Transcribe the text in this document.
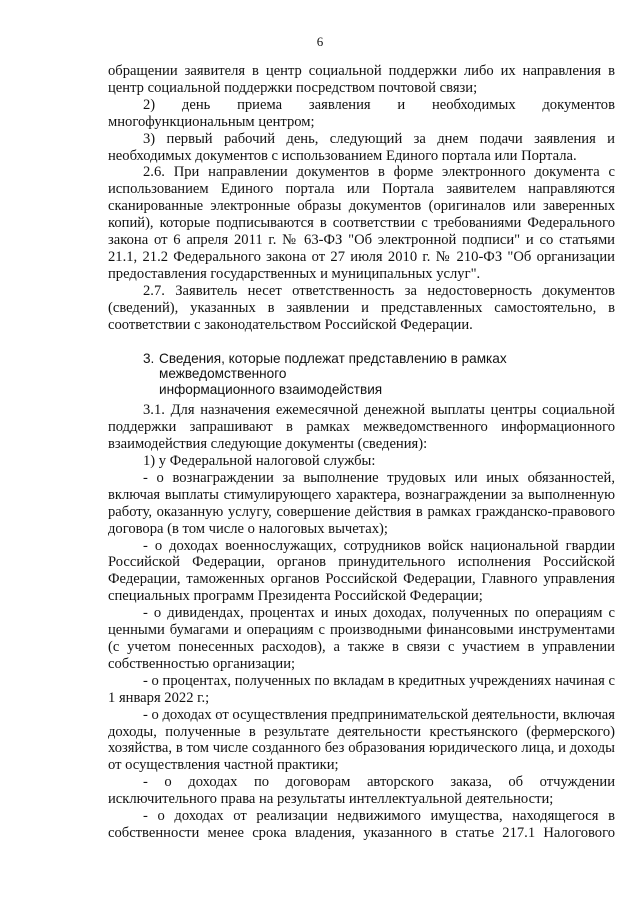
6

обращении заявителя в центр социальной поддержки либо их направления в центр социальной поддержки посредством почтовой связи;

2) день приема заявления и необходимых документов многофункциональным центром;

3) первый рабочий день, следующий за днем подачи заявления и необходимых документов с использованием Единого портала или Портала.

2.6. При направлении документов в форме электронного документа с использованием Единого портала или Портала заявителем направляются сканированные электронные образы документов (оригиналов или заверенных копий), которые подписываются в соответствии с требованиями Федерального закона от 6 апреля 2011 г. № 63-ФЗ "Об электронной подписи" и со статьями 21.1, 21.2 Федерального закона от 27 июля 2010 г. № 210-ФЗ "Об организации предоставления государственных и муниципальных услуг".

2.7. Заявитель несет ответственность за недостоверность документов (сведений), указанных в заявлении и представленных самостоятельно, в соответствии с законодательством Российской Федерации.

3. Сведения, которые подлежат представлению в рамках межведомственного
информационного взаимодействия

3.1. Для назначения ежемесячной денежной выплаты центры социальной поддержки запрашивают в рамках межведомственного информационного взаимодействия следующие документы (сведения):

1) у Федеральной налоговой службы:

- о вознаграждении за выполнение трудовых или иных обязанностей, включая выплаты стимулирующего характера, вознаграждении за выполненную работу, оказанную услугу, совершение действия в рамках гражданско-правового договора (в том числе о налоговых вычетах);

- о доходах военнослужащих, сотрудников войск национальной гвардии Российской Федерации, органов принудительного исполнения Российской Федерации, таможенных органов Российской Федерации, Главного управления специальных программ Президента Российской Федерации;

- о дивидендах, процентах и иных доходах, полученных по операциям с ценными бумагами и операциям с производными финансовыми инструментами (с учетом понесенных расходов), а также в связи с участием в управлении собственностью организации;

- о процентах, полученных по вкладам в кредитных учреждениях начиная с 1 января 2022 г.;

- о доходах от осуществления предпринимательской деятельности, включая доходы, полученные в результате деятельности крестьянского (фермерского) хозяйства, в том числе созданного без образования юридического лица, и доходы от осуществления частной практики;

- о доходах по договорам авторского заказа, об отчуждении исключительного права на результаты интеллектуальной деятельности;

- о доходах от реализации недвижимого имущества, находящегося в собственности менее срока владения, указанного в статье 217.1 Налогового
